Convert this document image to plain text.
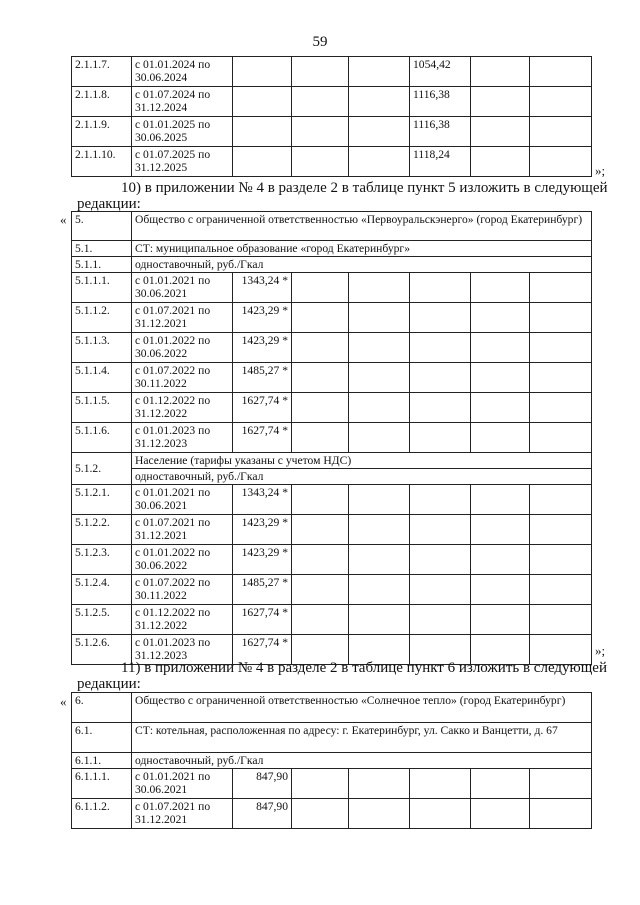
59
2.1.1.7.	с 01.01.2024 по 30.06.2024				1054,42		
2.1.1.8.	с 01.07.2024 по 31.12.2024				1116,38		
2.1.1.9.	с 01.01.2025 по 30.06.2025				1116,38		
2.1.1.10.	с 01.07.2025 по 31.12.2025				1118,24		
»;

10) в приложении № 4 в разделе 2 в таблице пункт 5 изложить в следующей
редакции:

« 5.	Общество с ограниченной ответственностью «Первоуральскэнерго» (город Екатеринбург)						
5.1.	СТ: муниципальное образование «город Екатеринбург»						
5.1.1.	одноставочный, руб./Гкал						
5.1.1.1.	с 01.01.2021 по 30.06.2021	1343,24 *					
5.1.1.2.	с 01.07.2021 по 31.12.2021	1423,29 *					
5.1.1.3.	с 01.01.2022 по 30.06.2022	1423,29 *					
5.1.1.4.	с 01.07.2022 по 30.11.2022	1485,27 *					
5.1.1.5.	с 01.12.2022 по 31.12.2022	1627,74 *					
5.1.1.6.	с 01.01.2023 по 31.12.2023	1627,74 *					
5.1.2.	Население (тарифы указаны с учетом НДС)						
	одноставочный, руб./Гкал						
5.1.2.1.	с 01.01.2021 по 30.06.2021	1343,24 *					
5.1.2.2.	с 01.07.2021 по 31.12.2021	1423,29 *					
5.1.2.3.	с 01.01.2022 по 30.06.2022	1423,29 *					
5.1.2.4.	с 01.07.2022 по 30.11.2022	1485,27 *					
5.1.2.5.	с 01.12.2022 по 31.12.2022	1627,74 *					
5.1.2.6.	с 01.01.2023 по 31.12.2023	1627,74 *					
»;

11) в приложении № 4 в разделе 2 в таблице пункт 6 изложить в следующей
редакции:

« 6.	Общество с ограниченной ответственностью «Солнечное тепло» (город Екатеринбург)						
6.1.	СТ: котельная, расположенная по адресу: г. Екатеринбург, ул. Сакко и Ванцетти, д. 67						
6.1.1.	одноставочный, руб./Гкал						
6.1.1.1.	с 01.01.2021 по 30.06.2021	847,90					
6.1.1.2.	с 01.07.2021 по 31.12.2021	847,90					
